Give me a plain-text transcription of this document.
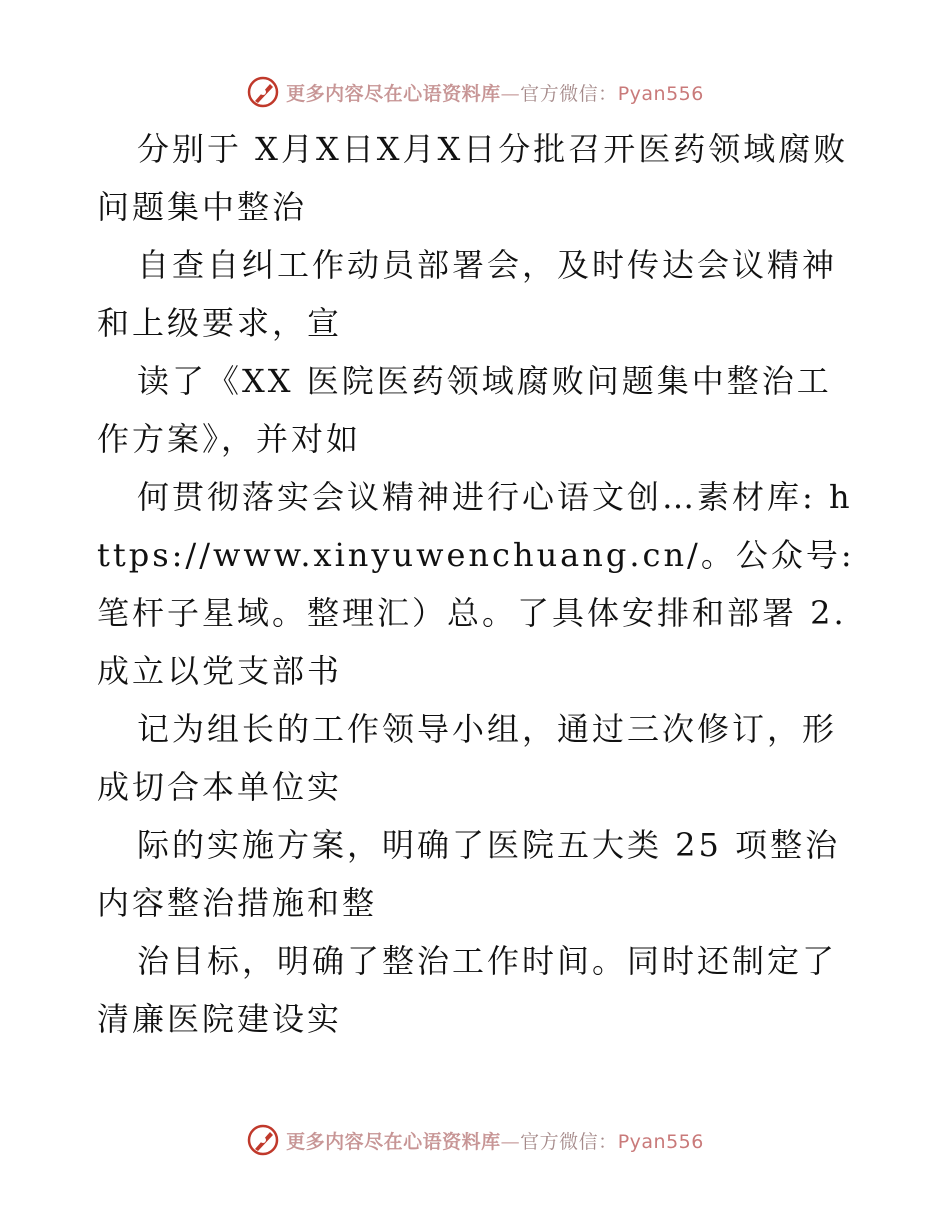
更多内容尽在心语资料库—官方微信：Pyan556

分别于 X月X日X月X日分批召开医药领域腐败问题集中整治

自查自纠工作动员部署会，及时传达会议精神和上级要求，宣

读了《XX 医院医药领域腐败问题集中整治工作方案》，并对如

何贯彻落实会议精神进行心语文创…素材库: https://www.xinyuwenchuang.cn/。公众号: 笔杆子星域。整理汇）总。了具体安排和部署 2.成立以党支部书

记为组长的工作领导小组，通过三次修订，形成切合本单位实

际的实施方案，明确了医院五大类 25 项整治内容整治措施和整

治目标，明确了整治工作时间。同时还制定了清廉医院建设实

更多内容尽在心语资料库—官方微信：Pyan556
